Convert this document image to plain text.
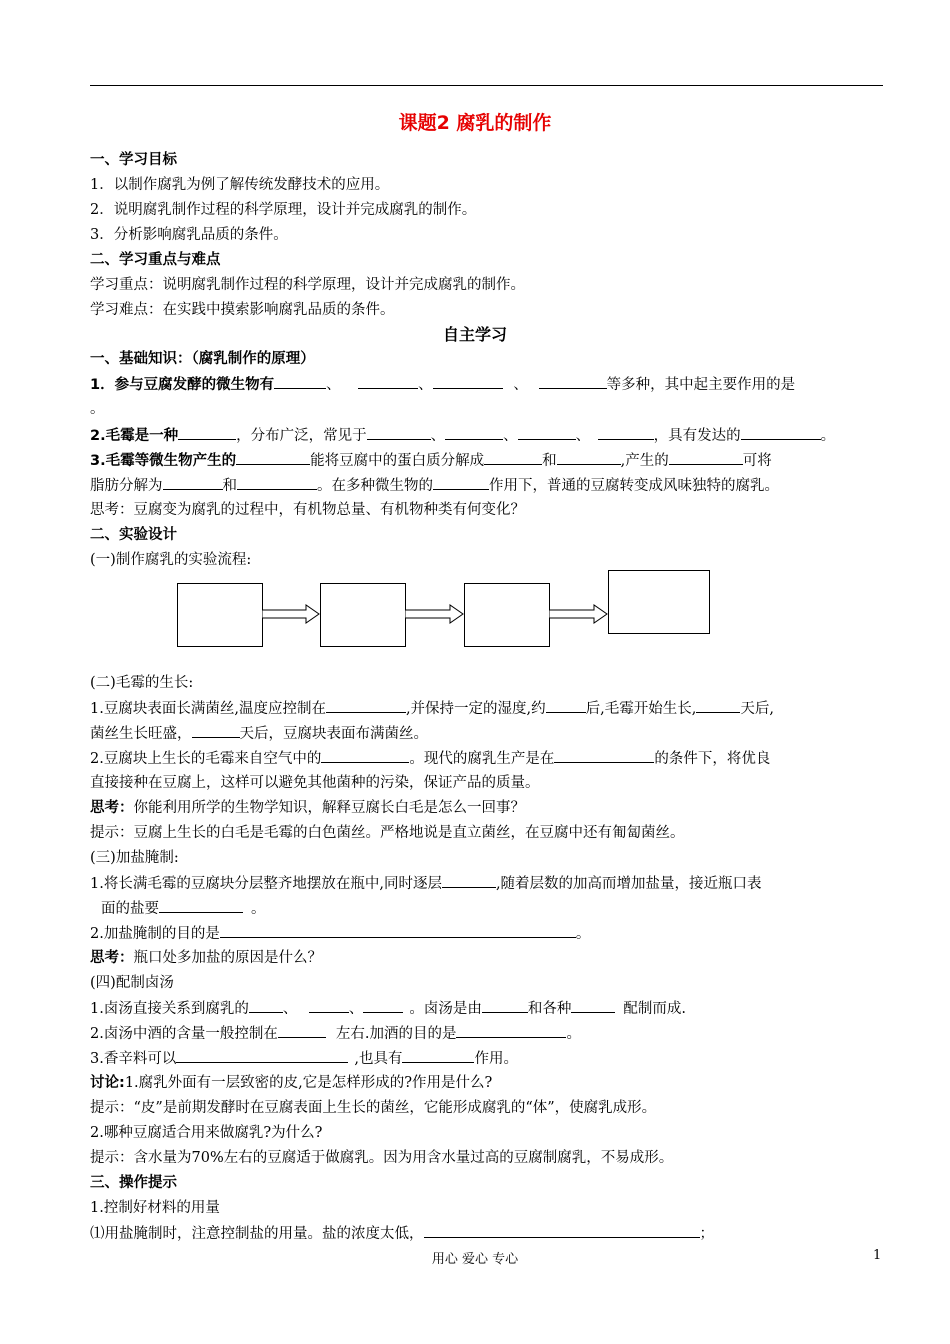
课题2 腐乳的制作
一、学习目标
1．以制作腐乳为例了解传统发酵技术的应用。
2．说明腐乳制作过程的科学原理，设计并完成腐乳的制作。
3．分析影响腐乳品质的条件。
二、学习重点与难点
学习重点：说明腐乳制作过程的科学原理，设计并完成腐乳的制作。
学习难点：在实践中摸索影响腐乳品质的条件。
自主学习
一、基础知识：（腐乳制作的原理）
1．参与豆腐发酵的微生物有	、	、	、	等多种，其中起主要作用的是
。
2.毛霉是一种	，分布广泛，常见于	、	、	、	，具有发达的	。
3.毛霉等微生物产生的	能将豆腐中的蛋白质分解成	和	,产生的	可将
脂肪分解为	和	。在多种微生物的	作用下，普通的豆腐转变成风味独特的腐乳。
思考：豆腐变为腐乳的过程中，有机物总量、有机物种类有何变化？
二、实验设计
(一)制作腐乳的实验流程:
(二)毛霉的生长:
1.豆腐块表面长满菌丝,温度应控制在	,并保持一定的湿度,约	后,毛霉开始生长,	天后,
菌丝生长旺盛，	天后，豆腐块表面布满菌丝。
2.豆腐块上生长的毛霉来自空气中的	。现代的腐乳生产是在	的条件下，将优良
直接接种在豆腐上，这样可以避免其他菌种的污染，保证产品的质量。
思考：你能利用所学的生物学知识，解释豆腐长白毛是怎么一回事？
提示：豆腐上生长的白毛是毛霉的白色菌丝。严格地说是直立菌丝，在豆腐中还有匍匐菌丝。
(三)加盐腌制:
1.将长满毛霉的豆腐块分层整齐地摆放在瓶中,同时逐层	,随着层数的加高而增加盐量，接近瓶口表
面的盐要	。
2.加盐腌制的目的是	。
思考：瓶口处多加盐的原因是什么？
(四)配制卤汤
1.卤汤直接关系到腐乳的 、	、	。卤汤是由	和各种	配制而成.
2.卤汤中酒的含量一般控制在	左右.加酒的目的是	。
3.香辛料可以	,也具有	作用。
讨论:1.腐乳外面有一层致密的皮,它是怎样形成的?作用是什么?
提示：“皮”是前期发酵时在豆腐表面上生长的菌丝，它能形成腐乳的“体”，使腐乳成形。
2.哪种豆腐适合用来做腐乳?为什么?
提示：含水量为70%左右的豆腐适于做腐乳。因为用含水量过高的豆腐制腐乳，不易成形。
三、操作提示
1.控制好材料的用量
⑴用盐腌制时，注意控制盐的用量。盐的浓度太低，	；
用心 爱心 专心	1
